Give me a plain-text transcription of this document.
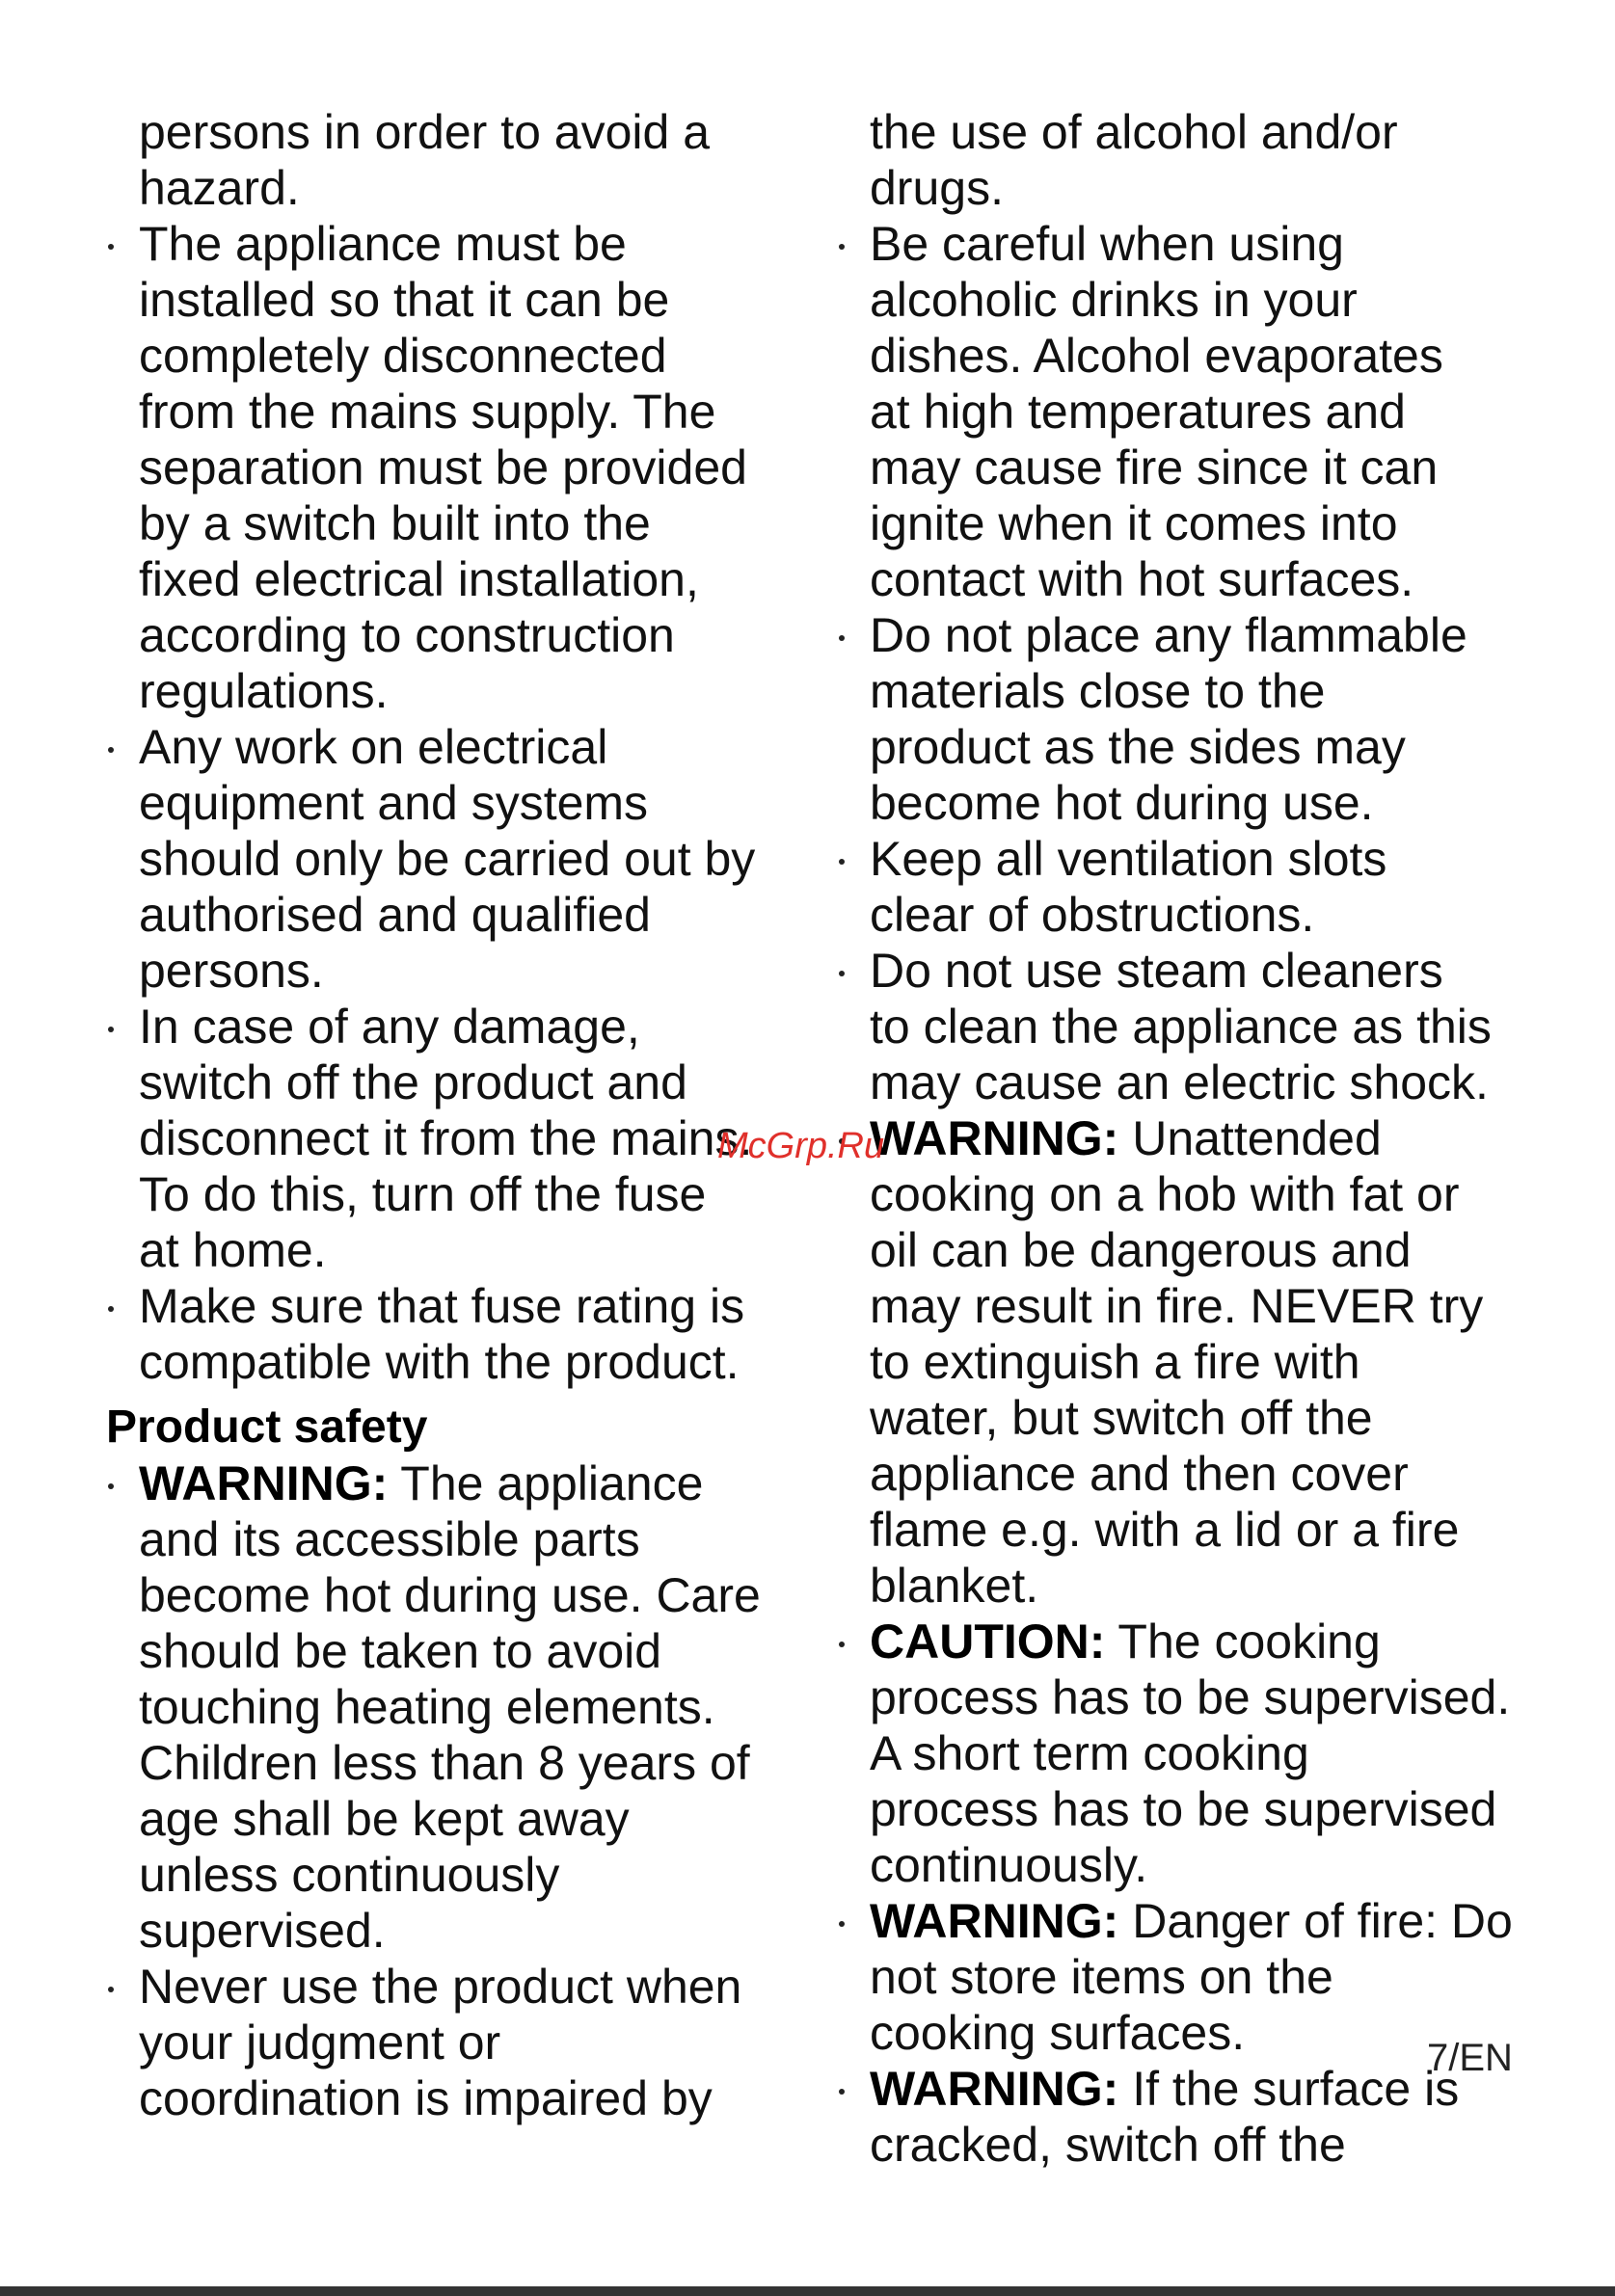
persons in order to avoid a
hazard.

The appliance must be
installed so that it can be
completely disconnected
from the mains supply. The
separation must be provided
by a switch built into the
fixed electrical installation,
according to construction
regulations.

Any work on electrical
equipment and systems
should only be carried out by
authorised and qualified
persons.

In case of any damage,
switch off the product and
disconnect it from the mains.
To do this, turn off the fuse
at home.

Make sure that fuse rating is
compatible with the product.

Product safety

WARNING: The appliance
and its accessible parts
become hot during use. Care
should be taken to avoid
touching heating elements.
Children less than 8 years of
age shall be kept away
unless continuously
supervised.

Never use the product when
your judgment or
coordination is impaired by

the use of alcohol and/or
drugs.

Be careful when using
alcoholic drinks in your
dishes. Alcohol evaporates
at high temperatures and
may cause fire since it can
ignite when it comes into
contact with hot surfaces.

Do not place any flammable
materials close to the
product as the sides may
become hot during use.

Keep all ventilation slots
clear of obstructions.

Do not use steam cleaners
to clean the appliance as this
may cause an electric shock.

WARNING: Unattended
cooking on a hob with fat or
oil can be dangerous and
may result in fire. NEVER try
to extinguish a fire with
water, but switch off the
appliance and then cover
flame e.g. with a lid or a fire
blanket.

CAUTION: The cooking
process has to be supervised.
A short term cooking
process has to be supervised
continuously.

WARNING: Danger of fire: Do
not store items on the
cooking surfaces.

WARNING: If the surface is
cracked, switch off the

McGrp.Ru
7/EN
